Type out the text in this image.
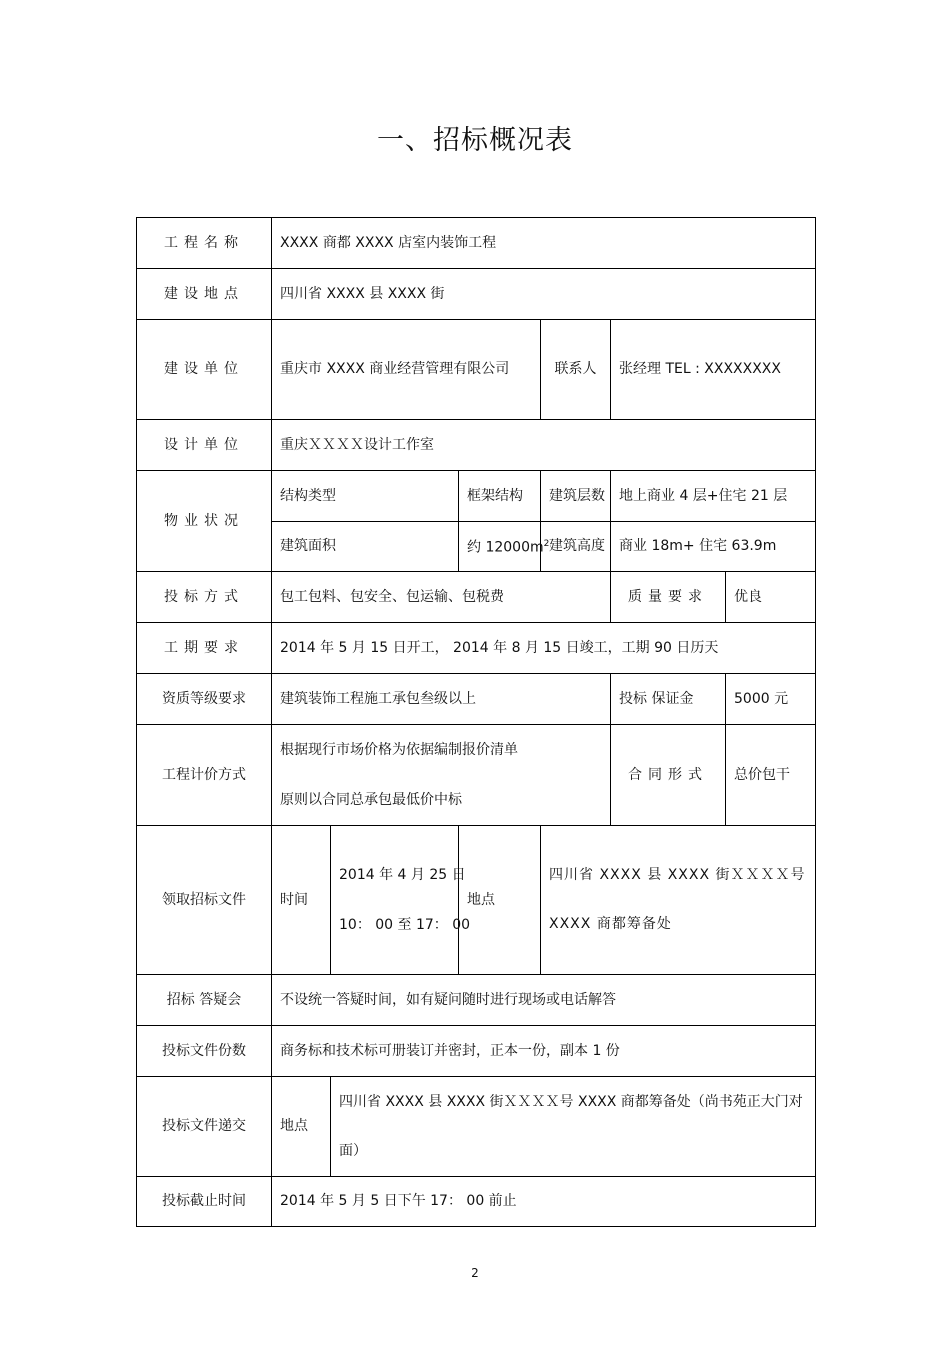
一、招标概况表
工程名称	XXXX 商都 XXXX 店室内装饰工程					
建设地点	四川省 XXXX 县 XXXX 街					
建设单位	重庆市 XXXX 商业经营管理有限公司			联系人	张经理 TEL : XXXXXXXX	
设计单位	重庆ＸＸＸＸ设计工作室					
物业状况	结构类型		框架结构	建筑层数	地上商业 4 层+住宅 21 层	
	建筑面积		约 $12000m^2$	建筑高度	商业 18m+ 住宅 63.9m	
投标方式	包工包料、包安全、包运输、包税费				质量要求	优良
工期要求	2014 年 5 月 15 日开工， 2014 年 8 月 15 日竣工，工期 90 日历天					
资质等级要求	建筑装饰工程施工承包叁级以上				投标 保证金	5000 元
工程计价方式	根据现行市场价格为依据编制报价清单
原则以合同总承包最低价中标				合同形式	总价包干
领取招标文件	时间	2014 年 4 月 25 日
10： 00 至 17： 00	地点	四川省 XXXX 县 XXXX 街ＸＸＸＸ号 XXXX 商都筹备处		
招标 答疑会	不设统一答疑时间，如有疑问随时进行现场或电话解答					
投标文件份数	商务标和技术标可册装订并密封，正本一份，副本 1 份					
投标文件递交	地点	四川省 XXXX 县 XXXX 街ＸＸＸＸ号 XXXX 商都筹备处（尚书苑正大门对面）				
投标截止时间	2014 年 5 月 5 日下午 17： 00 前止					
2
